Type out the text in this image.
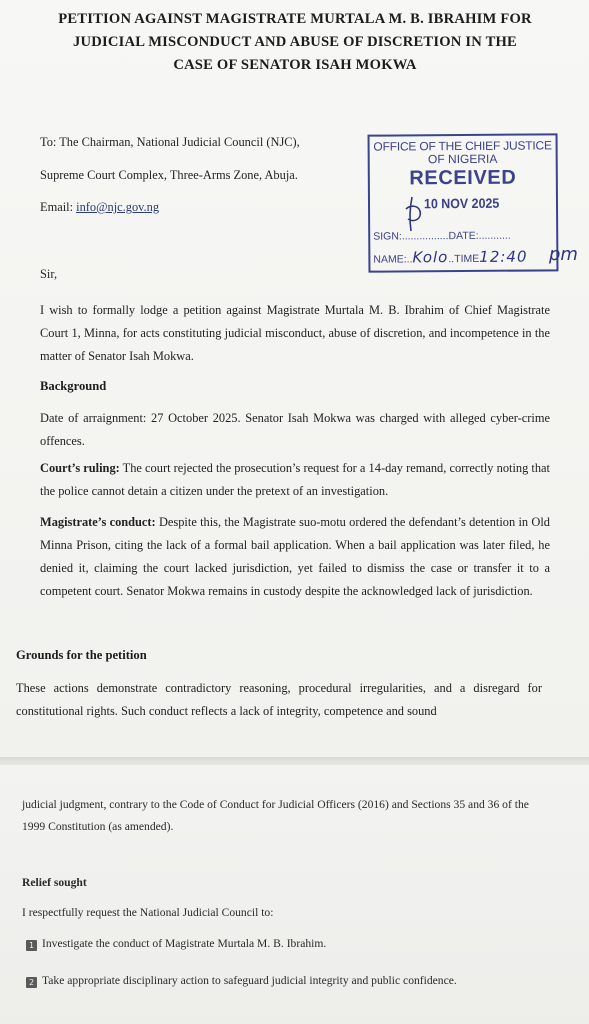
PETITION AGAINST MAGISTRATE MURTALA M. B. IBRAHIM FOR
JUDICIAL MISCONDUCT AND ABUSE OF DISCRETION IN THE
CASE OF SENATOR ISAH MOKWA
To: The Chairman, National Judicial Council (NJC),
Supreme Court Complex, Three-Arms Zone, Abuja.
Email: info@njc.gov.ng
OFFICE OF THE CHIEF JUSTICE
OF NIGERIA
RECEIVED
10 NOV 2025
SIGN:................DATE:...........
NAME:..Kolo..TIME12:40 pm
Sir,

I wish to formally lodge a petition against Magistrate Murtala M. B. Ibrahim of Chief Magistrate Court 1, Minna, for acts constituting judicial misconduct, abuse of discretion, and incompetence in the matter of Senator Isah Mokwa.

Background

Date of arraignment: 27 October 2025. Senator Isah Mokwa was charged with alleged cyber-crime offences.

Court’s ruling: The court rejected the prosecution’s request for a 14-day remand, correctly noting that the police cannot detain a citizen under the pretext of an investigation.

Magistrate’s conduct: Despite this, the Magistrate suo-motu ordered the defendant’s detention in Old Minna Prison, citing the lack of a formal bail application. When a bail application was later filed, he denied it, claiming the court lacked jurisdiction, yet failed to dismiss the case or transfer it to a competent court. Senator Mokwa remains in custody despite the acknowledged lack of jurisdiction.

Grounds for the petition

These actions demonstrate contradictory reasoning, procedural irregularities, and a disregard for constitutional rights. Such conduct reflects a lack of integrity, competence and sound

judicial judgment, contrary to the Code of Conduct for Judicial Officers (2016) and Sections 35 and 36 of the 1999 Constitution (as amended).

Relief sought
I respectfully request the National Judicial Council to:
1 Investigate the conduct of Magistrate Murtala M. B. Ibrahim.
2 Take appropriate disciplinary action to safeguard judicial integrity and public confidence.
